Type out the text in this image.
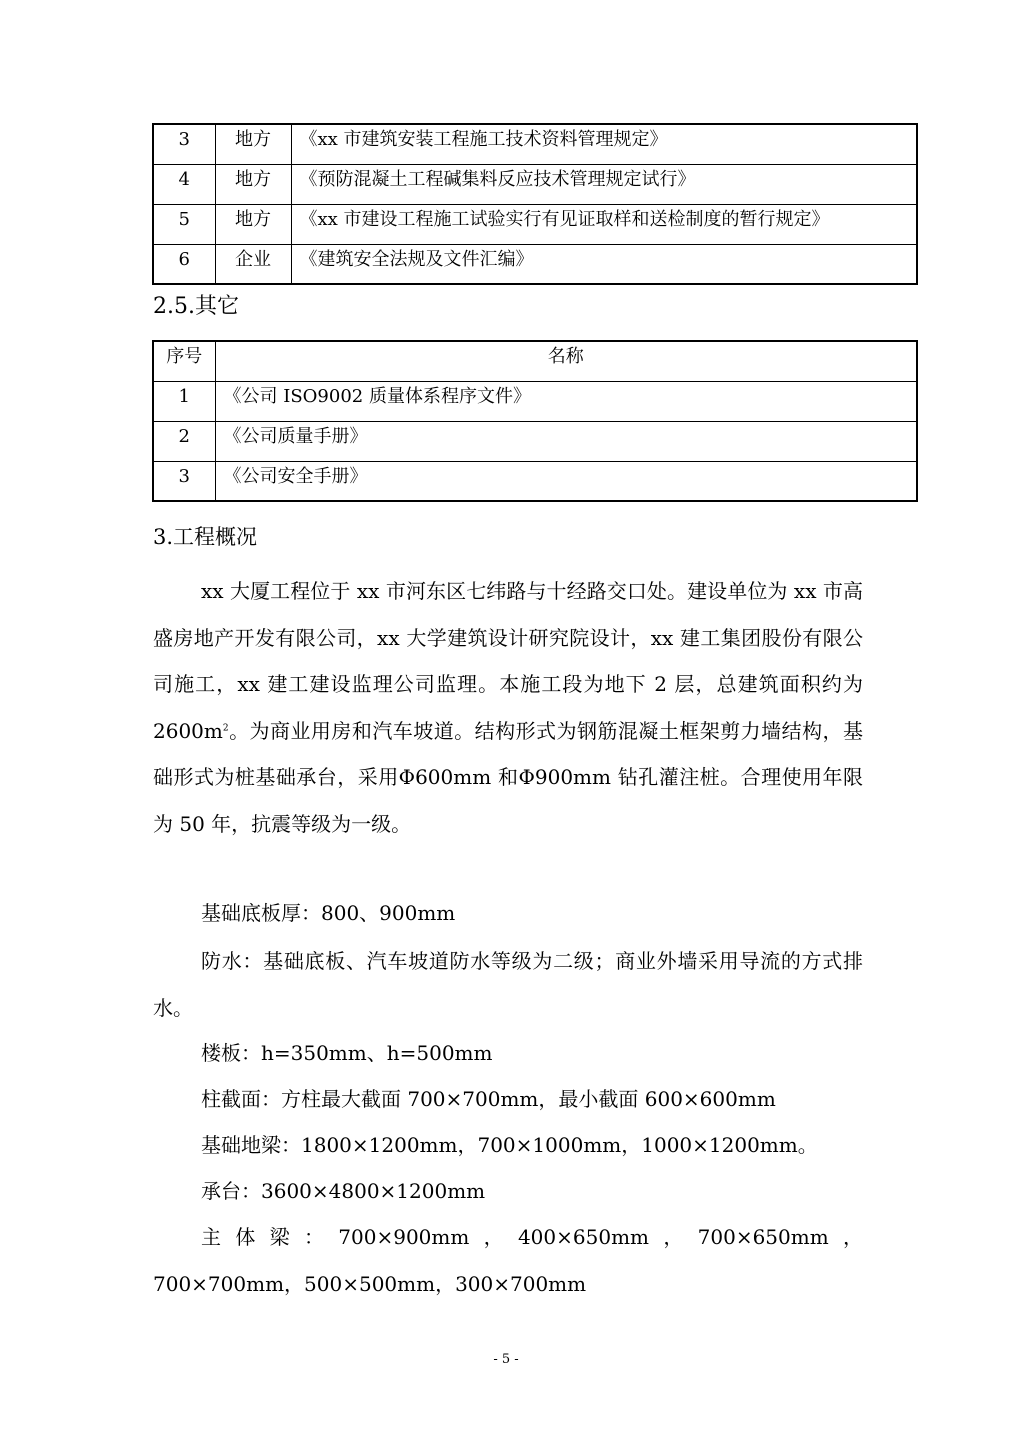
3	地方	《xx 市建筑安装工程施工技术资料管理规定》
4	地方	《预防混凝土工程碱集料反应技术管理规定试行》
5	地方	《xx 市建设工程施工试验实行有见证取样和送检制度的暂行规定》
6	企业	《建筑安全法规及文件汇编》
2.5.其它
序号	名称
1	《公司 ISO9002 质量体系程序文件》
2	《公司质量手册》
3	《公司安全手册》
3.工程概况

xx 大厦工程位于 xx 市河东区七纬路与十经路交口处。建设单位为 xx 市高盛房地产开发有限公司，xx 大学建筑设计研究院设计，xx 建工集团股份有限公司施工，xx 建工建设监理公司监理。本施工段为地下 2 层，总建筑面积约为 $2600m^2$。为商业用房和汽车坡道。结构形式为钢筋混凝土框架剪力墙结构，基础形式为桩基础承台，采用Φ600mm 和Φ900mm 钻孔灌注桩。合理使用年限为 50 年，抗震等级为一级。

基础底板厚：800、900mm

防水：基础底板、汽车坡道防水等级为二级；商业外墙采用导流的方式排水。

楼板：h=350mm、h=500mm

柱截面：方柱最大截面 700×700mm，最小截面 600×600mm

基础地梁：1800×1200mm，700×1000mm，1000×1200mm。

承台：3600×4800×1200mm

主体梁：700×900mm，400×650mm，700×650mm，700×700mm，500×500mm，300×700mm

- 5 -
